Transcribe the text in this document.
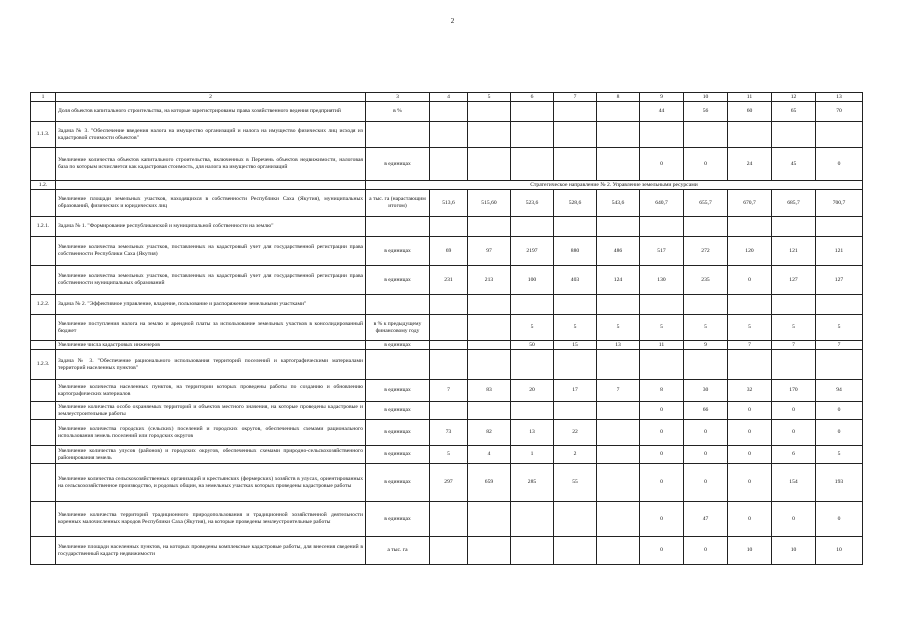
2
1	2	3	4	5	6	7	8	9	10	11	12	13
	Доля объектов капитального строительства, на которые зарегистрированы права хозяйственного ведения предприятий	в %						44	56	60	65	70
1.1.3.	Задача № 3. "Обеспечение введения налога на имущество организаций и налога на имущество физических лиц исходя из кадастровой стоимости объектов"											
	Увеличение количества объектов капитального строительства, включенных в Перечень объектов недвижимости, налоговая база по которым исчисляется как кадастровая стоимость, для налога на имущество организаций	в единицах						0	0	24	45	0
1.2.		Стратегическое направление № 2. Управление земельными ресурсами										
	Увеличение площади земельных участков, находящихся в собственности Республики Саха (Якутия), муниципальных образований, физических и юридических лиц	а тыс. га (нарастающим итогом)	513,6	515,60	523,6	528,6	543,6	640,7	655,7	670,7	685,7	700,7
1.2.1.	Задача № 1. "Формирование республиканской и муниципальной собственности на землю"											
	Увеличение количества земельных участков, поставленных на кадастровый учет для государственной регистрации права собственности Республики Саха (Якутия)	в единицах	69	97	2197	880	486	517	272	120	121	121
	Увеличение количества земельных участков, поставленных на кадастровый учет для государственной регистрации права собственности муниципальных образований	в единицах	231	213	100	403	124	130	235	0	127	127
1.2.2.	Задача № 2. "Эффективное управление, владение, пользование и распоряжение земельными участками"											
	Увеличение поступления налога на землю и арендной платы за использование земельных участков в консолидированный бюджет	в % к предыдущему финансовому году			5	5	5	5	5	5	5	5
	Увеличение числа кадастровых инженеров	в единицах			50	15	13	11	9	7	7	7
1.2.3.	Задача № 3. "Обеспечение рационального использования территорий поселений и картографическими материалами территорий населенных пунктов"											
	Увеличение количества населенных пунктов, на территории которых проведены работы по созданию и обновлению картографических материалов	в единицах	7	83	20	17	7	8	30	32	170	94
	Увеличение количества особо охраняемых территорий и объектов местного значения, на которые проведены кадастровые и землеустроительные работы	в единицах						0	66	0	0	0
	Увеличение количества городских (сельских) поселений и городских округов, обеспеченных схемами рационального использования земель поселений или городских округов	в единицах	73	82	13	22		0	0	0	0	0
	Увеличение количества улусов (районов) и городских округов, обеспеченных схемами природно-сельскохозяйственного районирования земель	в единицах	5	4	1	2		0	0	0	6	5
	Увеличение количества сельскохозяйственных организаций и крестьянских (фермерских) хозяйств в улусах, ориентированных на сельскохозяйственное производство, и родовых общин, на земельных участках которых проведены кадастровые работы	в единицах	297	659	285	55		0	0	0	154	193
	Увеличение количества территорий традиционного природопользования и традиционной хозяйственной деятельности коренных малочисленных народов Республики Саха (Якутия), на которые проведены землеустроительные работы	в единицах						0	47	0	0	0
	Увеличение площади населенных пунктов, на которых проведены комплексные кадастровые работы, для внесения сведений в государственный кадастр недвижимости	а тыс. га						0	0	10	10	10
